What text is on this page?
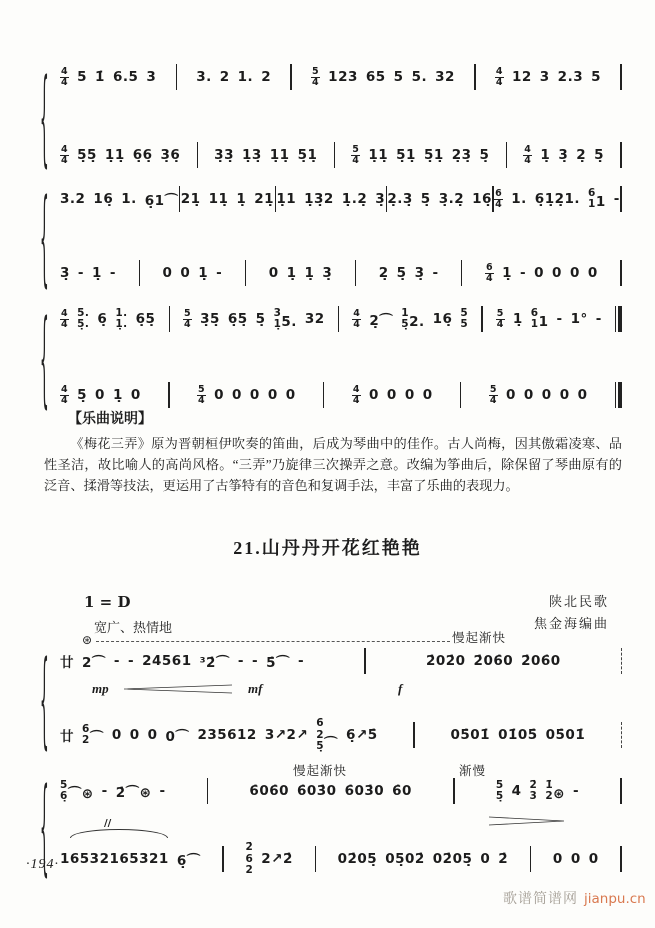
{ 4
4 5 1̇ 6.5 3	3. 2 1. 2	5
4 123 65 5 5. 32	4
4 12 3 2.3 5
4
4 5̣5̣ 1̣1̣ 6̣6̣ 3̣6̣	3̣3̣ 1̣3̣ 1̣1̣ 5̣1̣	5
4 1̣1̣ 5̣1̣ 5̣1̣ 2̣3̣ 5̣	4
4 1̣ 3̣ 2̣ 5̣
{ 3.2 16̣ 1. 6̣1⌒ 21̣ 11̣ 1̣ 21̣ 1̣1 1̣3̣2 1̣.2̣ 3̣ 2̣.3̣ 5̣ 3̣.2̣ 16̣ 6
4 1. 6̣1̣2̣1. 6
1 1 -
3̣ - 1̣ -	0 0 1̣ -	0 1̣ 1̣ 3̣	2̣ 5̣ 3̣ -	6
4 1̣ - 0 0 0 0
{ 4
4
5.
5̣. 6̣ 1.
1̣. 6̣5̣	5
4 3̣5̣ 6̣5̣ 5̣ 3
1̣ 5. 32	4
4 2̣⌒
1
5̣ 2. 16̣ 5̇
5
5
4 1̣ 6
1 1 - 1° -
4
4 5̣ 0 1̣ 0	5
4 0 0 0 0 0	4
4 0 0 0 0	5
4 0 0 0 0 0
【乐曲说明】
《梅花三弄》原为晋朝桓伊吹奏的笛曲，后成为琴曲中的佳作。古人尚梅，因其傲霜凌寒、品性圣洁，故比喻人的高尚风格。“三弄”乃旋律三次操弄之意。改编为筝曲后，除保留了琴曲原有的泛音、揉滑等技法，更运用了古筝特有的音色和复调手法，丰富了乐曲的表现力。
21.山丹丹开花红艳艳
1 = D
宽广、热情地
陕北民歌
焦金海编曲
⊛	慢起渐快
{ 廿 2⌒ - - 24561 ³2̇⌒ - - 5̇⌒ -	2̇02̇0 2̇06̇0 2̇06̇0
廿
6̇
2 ⌒ 0 0 0 0⌒ 235612 3↗2↗
6̇
2
5̣ ⌒
6̣↗5̇	05̇01̇ 01̇05̇ 05̇01̇
mp	mf	f
慢起渐快	渐慢
{ 5
6̣ ⌒⊛ - 2̇⌒⊛ -	6̇06̇0 6̇03̇0 6̇03̇0 6̇0	5
5̣ 4 2̇
3
1̇
2 ⊛ -
16532165321 6̣⌒
2̇
6
2
2↗2̇	02̇05̣ 05̣02̇ 02̇05̣ 0 2̇	0 0 0
//
·194·
歌谱简谱网 jianpu.cn
